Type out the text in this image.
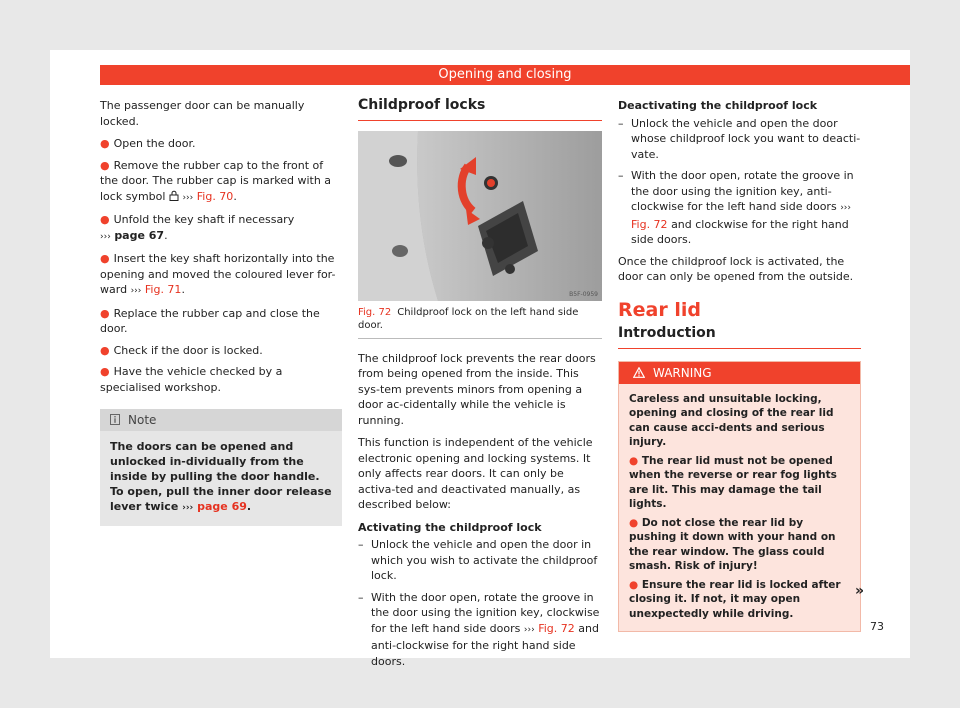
Opening and closing

The passenger door can be manually locked.

● Open the door.
● Remove the rubber cap to the front of the door. The rubber cap is marked with a lock symbol ››› Fig. 70.
● Unfold the key shaft if necessary
››› page 67.
● Insert the key shaft horizontally into the opening and moved the coloured lever for-ward ››› Fig. 71.
● Replace the rubber cap and close the door.
● Check if the door is locked.
● Have the vehicle checked by a specialised workshop.
Note
The doors can be opened and unlocked in-dividually from the inside by pulling the door handle. To open, pull the inner door release lever twice ››› page 69.
Childproof locks
B5F-0959
Fig. 72 Childproof lock on the left hand side door.

The childproof lock prevents the rear doors from being opened from the inside. This sys-tem prevents minors from opening a door ac-cidentally while the vehicle is running.

This function is independent of the vehicle electronic opening and locking systems. It only affects rear doors. It can only be activa-ted and deactivated manually, as described below:

Activating the childproof lock
– Unlock the vehicle and open the door in which you wish to activate the childproof lock.
– With the door open, rotate the groove in the door using the ignition key, clockwise for the left hand side doors ››› Fig. 72 and anti-clockwise for the right hand side doors.
Deactivating the childproof lock
– Unlock the vehicle and open the door whose childproof lock you want to deacti-vate.
– With the door open, rotate the groove in the door using the ignition key, anti-clockwise for the left hand side doors ››› Fig. 72 and clockwise for the right hand side doors.

Once the childproof lock is activated, the door can only be opened from the outside.

Rear lid
Introduction
WARNING

Careless and unsuitable locking, opening and closing of the rear lid can cause acci-dents and serious injury.

● The rear lid must not be opened when the reverse or rear fog lights are lit. This may damage the tail lights.
● Do not close the rear lid by pushing it down with your hand on the rear window. The glass could smash. Risk of injury!
● Ensure the rear lid is locked after closing it. If not, it may open unexpectedly while driving.
»
73
